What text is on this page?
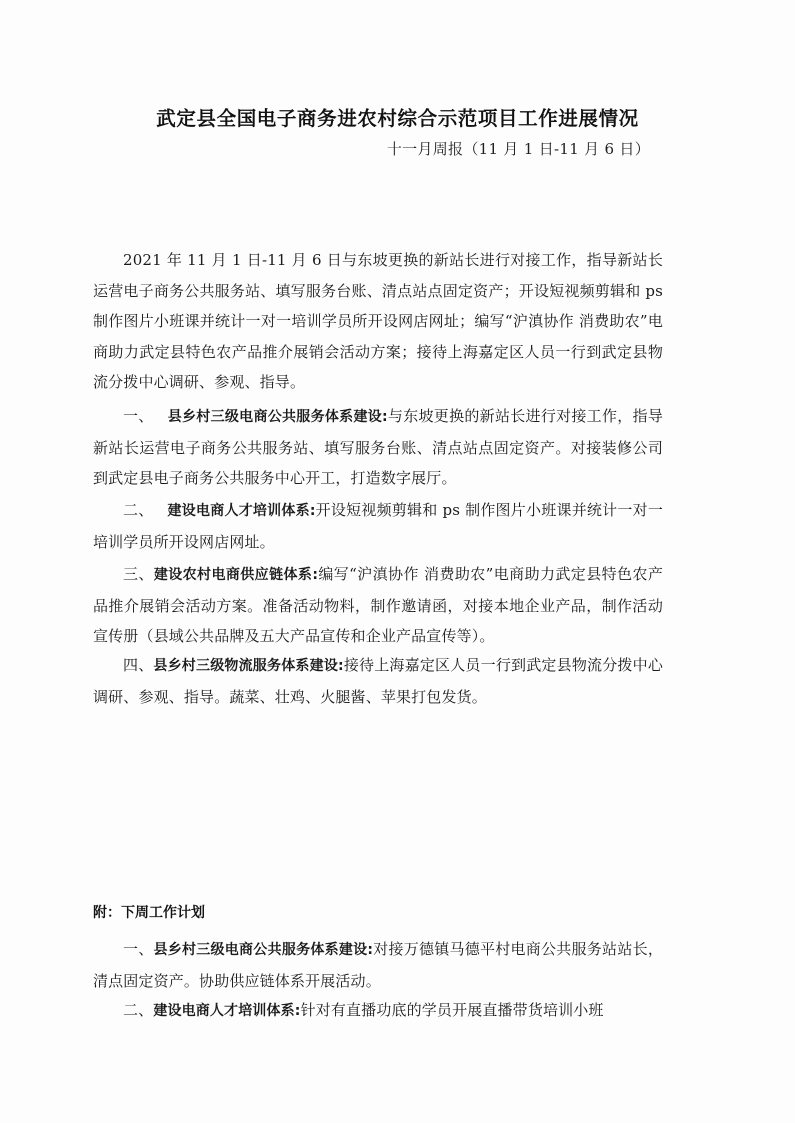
武定县全国电子商务进农村综合示范项目工作进展情况
十一月周报（11 月 1 日-11 月 6 日）

2021 年 11 月 1 日-11 月 6 日与东坡更换的新站长进行对接工作，指导新站长运营电子商务公共服务站、填写服务台账、清点站点固定资产；开设短视频剪辑和 ps 制作图片小班课并统计一对一培训学员所开设网店网址；编写“沪滇协作 消费助农”电商助力武定县特色农产品推介展销会活动方案；接待上海嘉定区人员一行到武定县物流分拨中心调研、参观、指导。

一、 县乡村三级电商公共服务体系建设:与东坡更换的新站长进行对接工作，指导新站长运营电子商务公共服务站、填写服务台账、清点站点固定资产。对接装修公司到武定县电子商务公共服务中心开工，打造数字展厅。

二、 建设电商人才培训体系:开设短视频剪辑和 ps 制作图片小班课并统计一对一培训学员所开设网店网址。

三、建设农村电商供应链体系:编写“沪滇协作 消费助农”电商助力武定县特色农产品推介展销会活动方案。准备活动物料，制作邀请函，对接本地企业产品，制作活动宣传册（县域公共品牌及五大产品宣传和企业产品宣传等）。

四、县乡村三级物流服务体系建设:接待上海嘉定区人员一行到武定县物流分拨中心调研、参观、指导。蔬菜、壮鸡、火腿酱、苹果打包发货。

附：下周工作计划

一、县乡村三级电商公共服务体系建设:对接万德镇马德平村电商公共服务站站长，清点固定资产。协助供应链体系开展活动。

二、建设电商人才培训体系:针对有直播功底的学员开展直播带货培训小班
